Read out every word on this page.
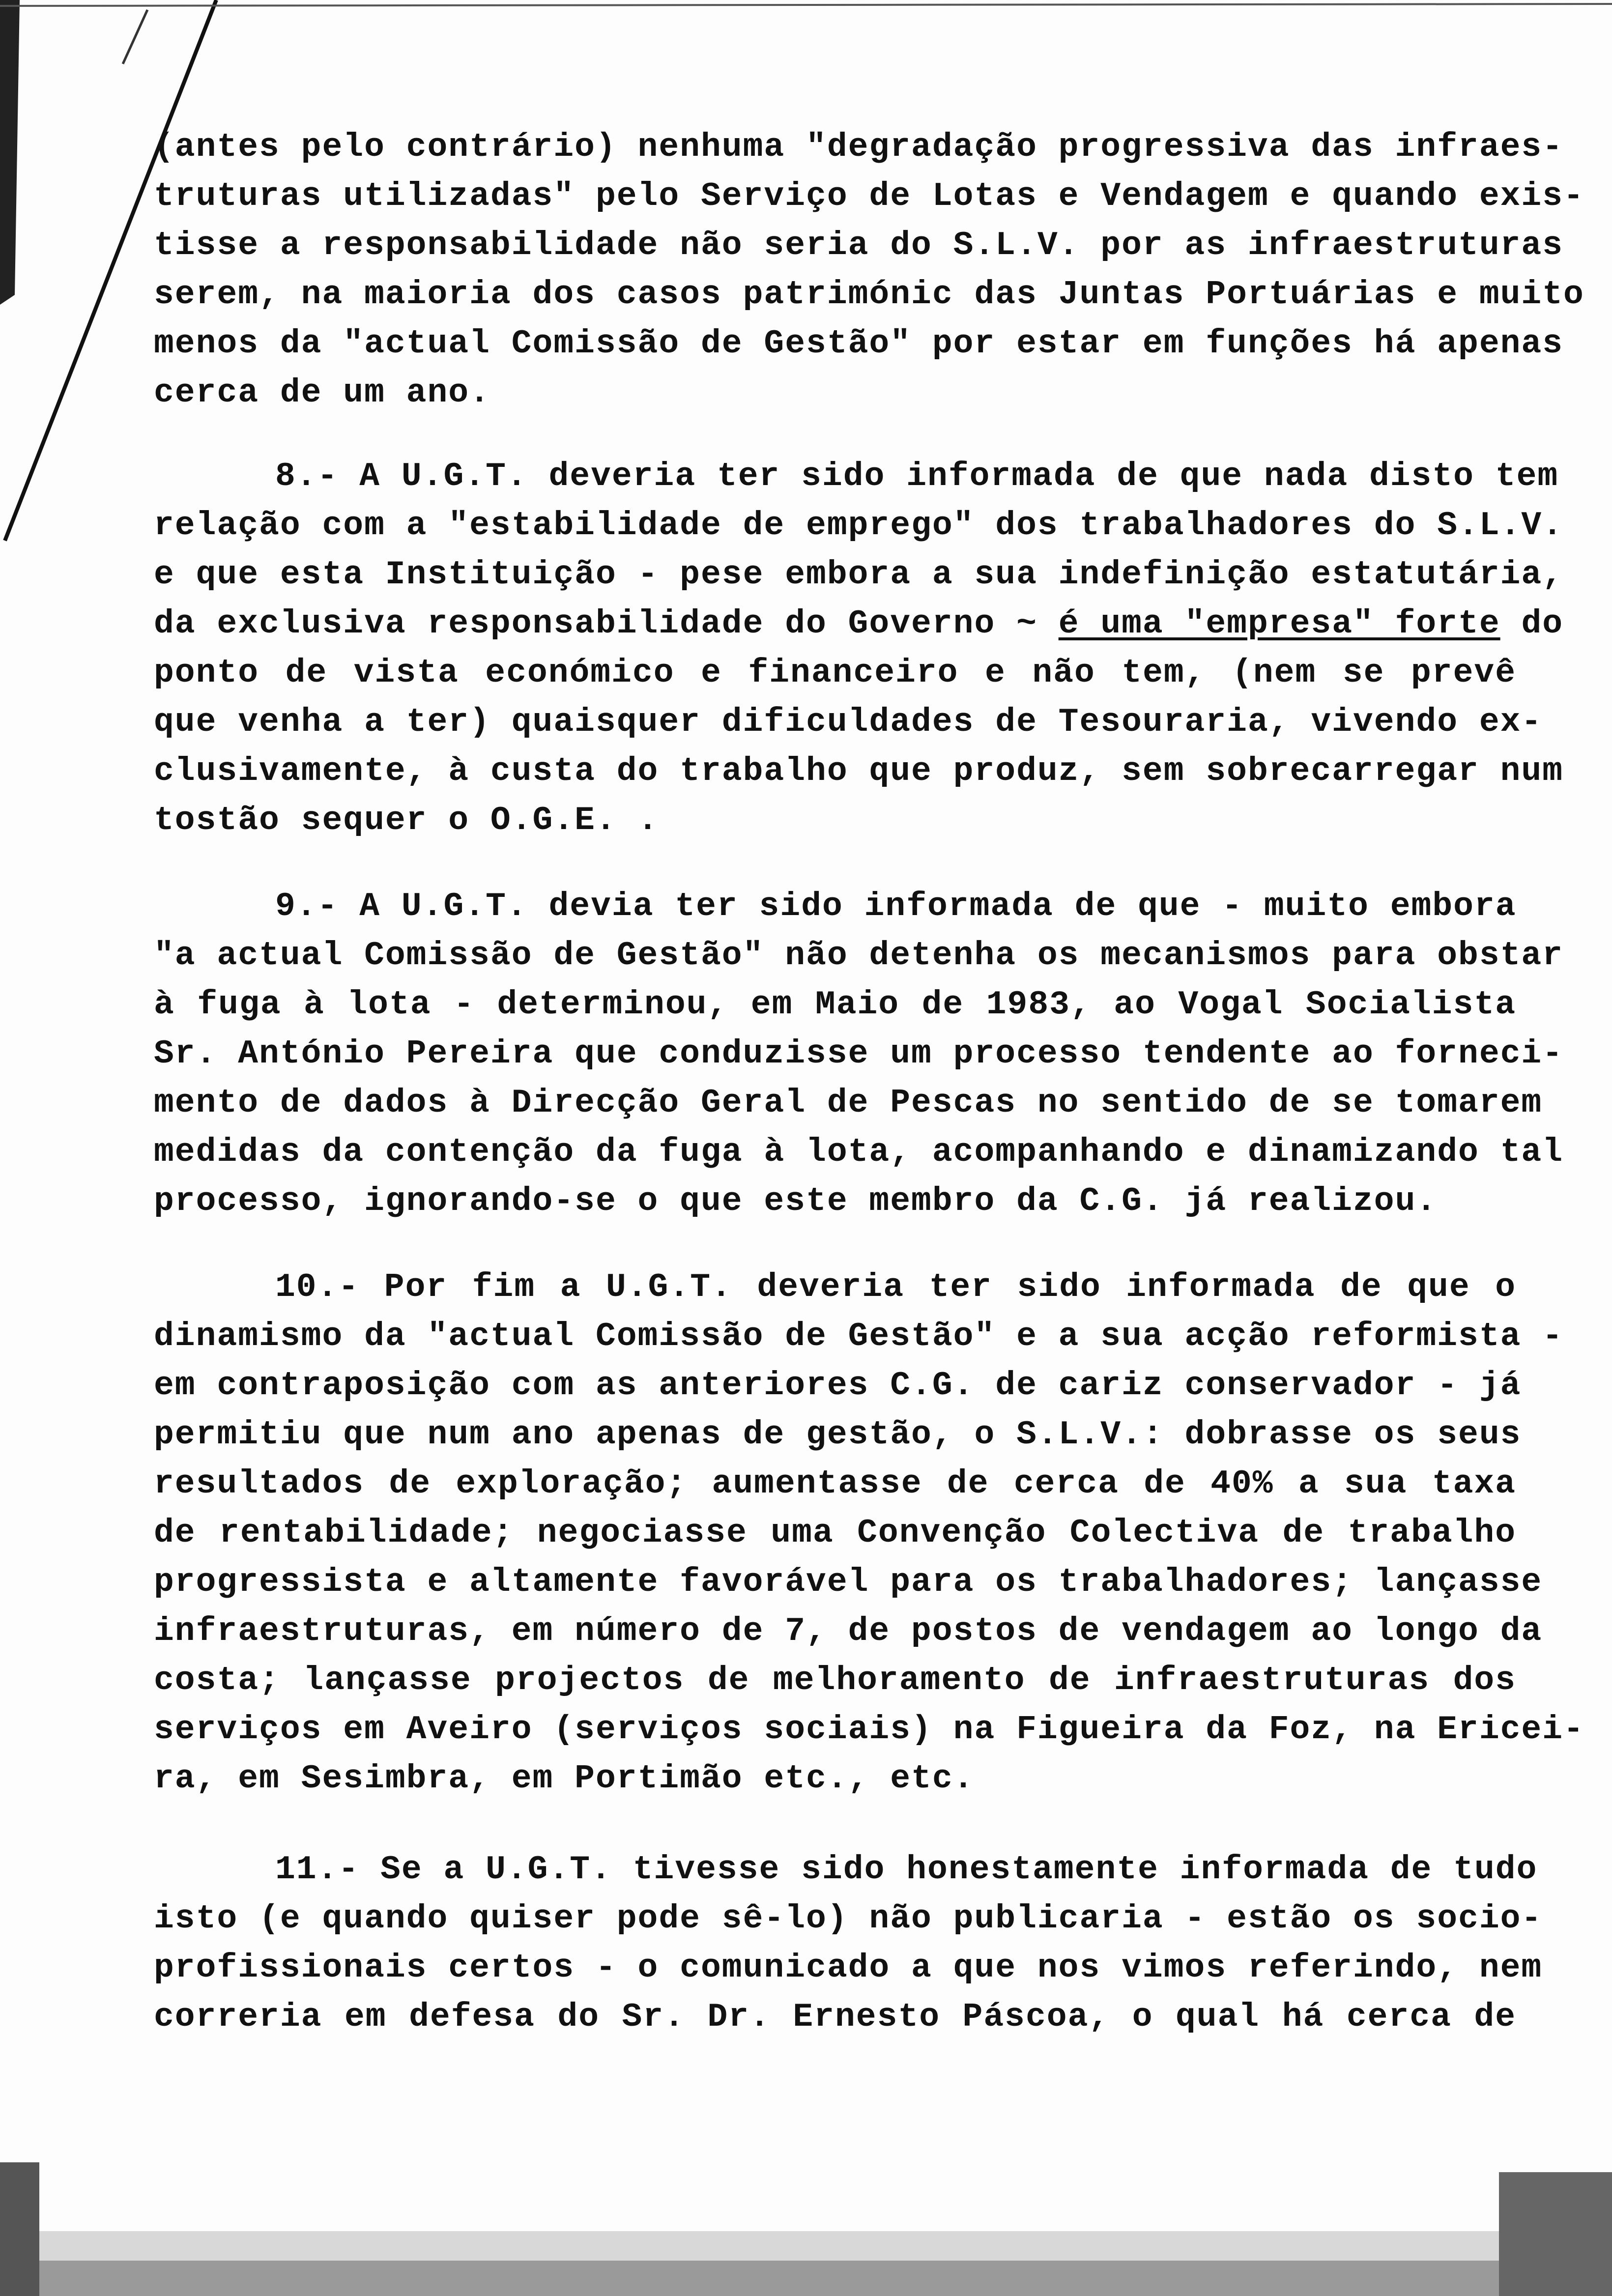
(antes pelo contrário) nenhuma "degradação progressiva das infraes-
truturas utilizadas" pelo Serviço de Lotas e Vendagem e quando exis-
tisse a responsabilidade não seria do S.L.V. por as infraestruturas
serem, na maioria dos casos patrimónic das Juntas Portuárias e muito
menos da "actual Comissão de Gestão" por estar em funções há apenas
cerca de um ano.
8.- A U.G.T. deveria ter sido informada de que nada disto tem
relação com a "estabilidade de emprego" dos trabalhadores do S.L.V.
e que esta Instituição - pese embora a sua indefinição estatutária,
da exclusiva responsabilidade do Governo ~ é uma "empresa" forte do
ponto de vista económico e financeiro e não tem, (nem se prevê
que venha a ter) quaisquer dificuldades de Tesouraria, vivendo ex-
clusivamente, à custa do trabalho que produz, sem sobrecarregar num
tostão sequer o O.G.E. .
9.- A U.G.T. devia ter sido informada de que - muito embora
"a actual Comissão de Gestão" não detenha os mecanismos para obstar
à fuga à lota - determinou, em Maio de 1983, ao Vogal Socialista
Sr. António Pereira que conduzisse um processo tendente ao forneci-
mento de dados à Direcção Geral de Pescas no sentido de se tomarem
medidas da contenção da fuga à lota, acompanhando e dinamizando tal
processo, ignorando-se o que este membro da C.G. já realizou.
10.- Por fim a U.G.T. deveria ter sido informada de que o
dinamismo da "actual Comissão de Gestão" e a sua acção reformista -
em contraposição com as anteriores C.G. de cariz conservador - já
permitiu que num ano apenas de gestão, o S.L.V.: dobrasse os seus
resultados de exploração; aumentasse de cerca de 40% a sua taxa
de rentabilidade; negociasse uma Convenção Colectiva de trabalho
progressista e altamente favorável para os trabalhadores; lançasse
infraestruturas, em número de 7, de postos de vendagem ao longo da
costa; lançasse projectos de melhoramento de infraestruturas dos
serviços em Aveiro (serviços sociais) na Figueira da Foz, na Ericei-
ra, em Sesimbra, em Portimão etc., etc.
11.- Se a U.G.T. tivesse sido honestamente informada de tudo
isto (e quando quiser pode sê-lo) não publicaria - estão os socio-
profissionais certos - o comunicado a que nos vimos referindo, nem
correria em defesa do Sr. Dr. Ernesto Páscoa, o qual há cerca de
